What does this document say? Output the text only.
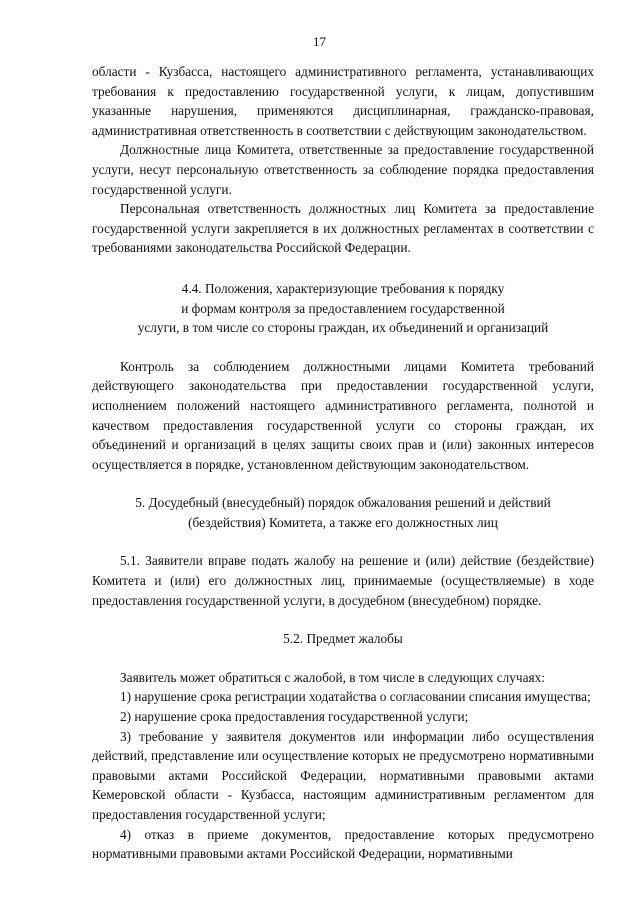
17

области - Кузбасса, настоящего административного регламента, устанавливающих требования к предоставлению государственной услуги, к лицам, допустившим указанные нарушения, применяются дисциплинарная, гражданско-правовая, административная ответственность в соответствии с действующим законодательством.

Должностные лица Комитета, ответственные за предоставление государственной услуги, несут персональную ответственность за соблюдение порядка предоставления государственной услуги.

Персональная ответственность должностных лиц Комитета за предоставление государственной услуги закрепляется в их должностных регламентах в соответствии с требованиями законодательства Российской Федерации.

4.4. Положения, характеризующие требования к порядку

и формам контроля за предоставлением государственной

услуги, в том числе со стороны граждан, их объединений и организаций

Контроль за соблюдением должностными лицами Комитета требований действующего законодательства при предоставлении государственной услуги, исполнением положений настоящего административного регламента, полнотой и качеством предоставления государственной услуги со стороны граждан, их объединений и организаций в целях защиты своих прав и (или) законных интересов осуществляется в порядке, установленном действующим законодательством.

5. Досудебный (внесудебный) порядок обжалования решений и действий

(бездействия) Комитета, а также его должностных лиц

5.1. Заявители вправе подать жалобу на решение и (или) действие (бездействие) Комитета и (или) его должностных лиц, принимаемые (осуществляемые) в ходе предоставления государственной услуги, в досудебном (внесудебном) порядке.

5.2. Предмет жалобы

Заявитель может обратиться с жалобой, в том числе в следующих случаях:

1) нарушение срока регистрации ходатайства о согласовании списания имущества;

2) нарушение срока предоставления государственной услуги;

3) требование у заявителя документов или информации либо осуществления действий, представление или осуществление которых не предусмотрено нормативными правовыми актами Российской Федерации, нормативными правовыми актами Кемеровской области - Кузбасса, настоящим административным регламентом для предоставления государственной услуги;

4) отказ в приеме документов, предоставление которых предусмотрено нормативными правовыми актами Российской Федерации, нормативными
